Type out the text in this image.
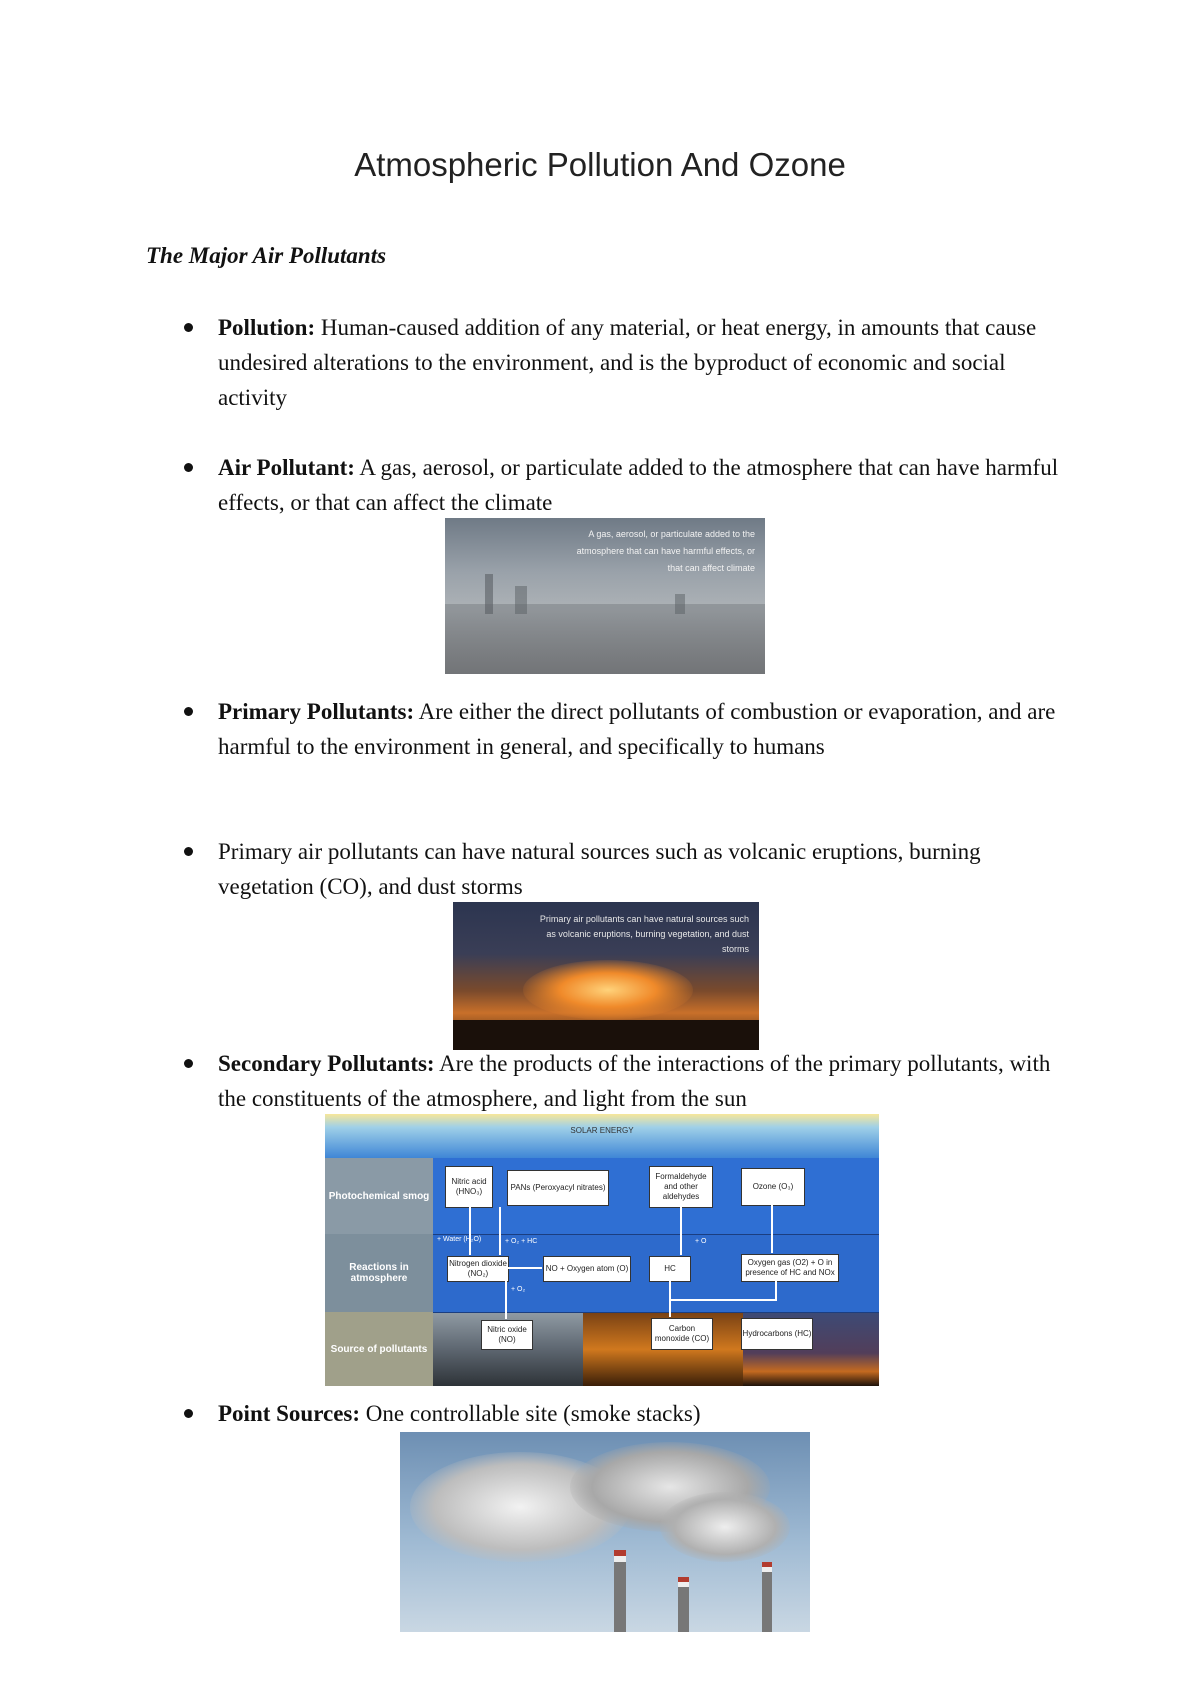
Atmospheric Pollution And Ozone
The Major Air Pollutants
Pollution: Human-caused addition of any material, or heat energy, in amounts that cause undesired alterations to the environment, and is the byproduct of economic and social activity
Air Pollutant: A gas, aerosol, or particulate added to the atmosphere that can have harmful effects, or that can affect the climate
A gas, aerosol, or particulate added to the atmosphere that can have harmful effects, or that can affect climate
Primary Pollutants: Are either the direct pollutants of combustion or evaporation, and are harmful to the environment in general, and specifically to humans
Primary air pollutants can have natural sources such as volcanic eruptions, burning vegetation (CO), and dust storms
Primary air pollutants can have natural sources such as volcanic eruptions, burning vegetation, and dust storms
Secondary Pollutants: Are the products of the interactions of the primary pollutants, with the constituents of the atmosphere, and light from the sun
SOLAR ENERGY
Photochemical smog
Reactions in atmosphere
Source of pollutants
Nitric acid (HNO₃)	PANs (Peroxyacyl nitrates)
Formaldehyde and other aldehydes
Ozone (O₃)
Nitrogen dioxide (NO₂)
NO + Oxygen atom (O)	HC
Oxygen gas (O2) + O in presence of HC and NOx
Nitric oxide (NO)
Carbon monoxide (CO)
Hydrocarbons (HC)
+ Water (H₂O)	+ O₂ + HC	+ O
+ O₂
Point Sources: One controllable site (smoke stacks)
